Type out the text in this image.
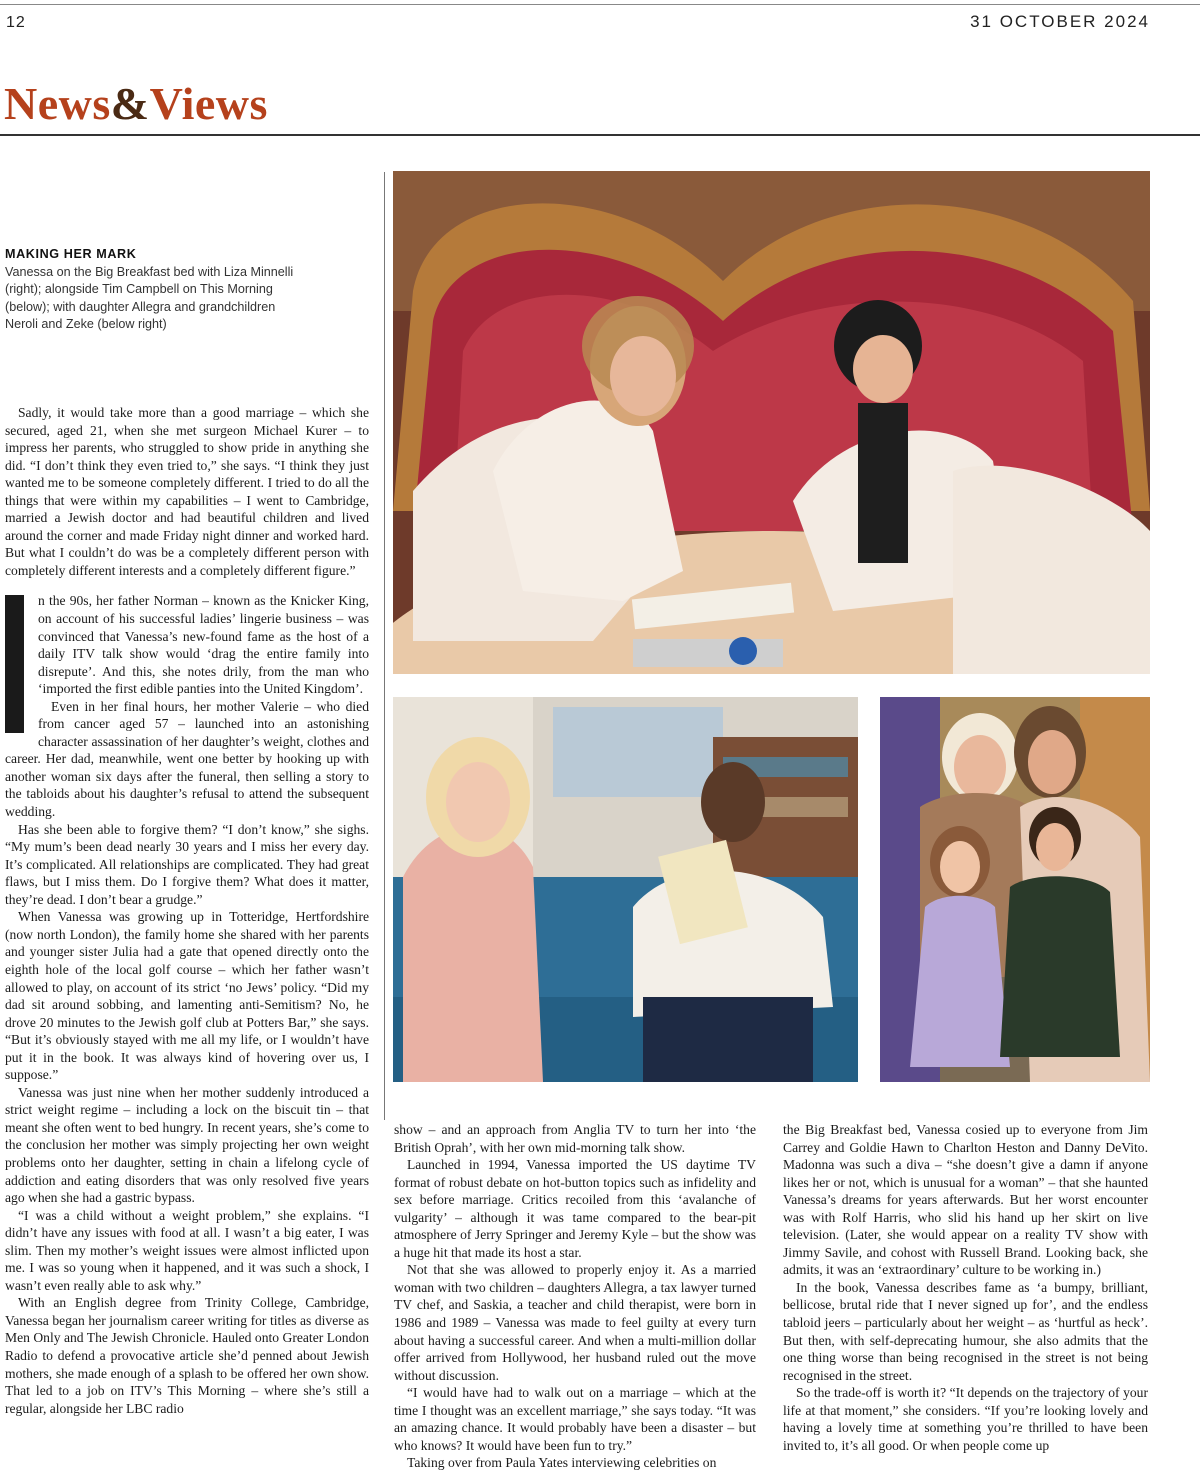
12	31 OCTOBER 2024
News&Views
MAKING HER MARK
Vanessa on the Big Breakfast bed with Liza Minnelli (right); alongside Tim Campbell on This Morning (below); with daughter Allegra and grandchildren Neroli and Zeke (below right)

Sadly, it would take more than a good marriage – which she secured, aged 21, when she met surgeon Michael Kurer – to impress her parents, who struggled to show pride in anything she did. “I don’t think they even tried to,” she says. “I think they just wanted me to be someone completely different. I tried to do all the things that were within my capabilities – I went to Cambridge, married a Jewish doctor and had beautiful children and lived around the corner and made Friday night dinner and worked hard. But what I couldn’t do was be a completely different person with completely different interests and a completely different figure.”

n the 90s, her father Norman – known as the Knicker King, on account of his successful ladies’ lingerie business – was convinced that Vanessa’s new-found fame as the host of a daily ITV talk show would ‘drag the entire family into disrepute’. And this, she notes drily, from the man who ‘imported the first edible panties into the United Kingdom’.

Even in her final hours, her mother Valerie – who died from cancer aged 57 – launched into an astonishing character assassination of her daughter’s weight, clothes and career. Her dad, meanwhile, went one better by hooking up with another woman six days after the funeral, then selling a story to the tabloids about his daughter’s refusal to attend the subsequent wedding.

Has she been able to forgive them? “I don’t know,” she sighs. “My mum’s been dead nearly 30 years and I miss her every day. It’s complicated. All relationships are complicated. They had great flaws, but I miss them. Do I forgive them? What does it matter, they’re dead. I don’t bear a grudge.”

When Vanessa was growing up in Totteridge, Hertfordshire (now north London), the family home she shared with her parents and younger sister Julia had a gate that opened directly onto the eighth hole of the local golf course – which her father wasn’t allowed to play, on account of its strict ‘no Jews’ policy. “Did my dad sit around sobbing, and lamenting anti-Semitism? No, he drove 20 minutes to the Jewish golf club at Potters Bar,” she says. “But it’s obviously stayed with me all my life, or I wouldn’t have put it in the book. It was always kind of hovering over us, I suppose.”

Vanessa was just nine when her mother suddenly introduced a strict weight regime – including a lock on the biscuit tin – that meant she often went to bed hungry. In recent years, she’s come to the conclusion her mother was simply projecting her own weight problems onto her daughter, setting in chain a lifelong cycle of addiction and eating disorders that was only resolved five years ago when she had a gastric bypass.

“I was a child without a weight problem,” she explains. “I didn’t have any issues with food at all. I wasn’t a big eater, I was slim. Then my mother’s weight issues were almost inflicted upon me. I was so young when it happened, and it was such a shock, I wasn’t even really able to ask why.”

With an English degree from Trinity College, Cambridge, Vanessa began her journalism career writing for titles as diverse as Men Only and The Jewish Chronicle. Hauled onto Greater London Radio to defend a provocative article she’d penned about Jewish mothers, she made enough of a splash to be offered her own show. That led to a job on ITV’s This Morning – where she’s still a regular, alongside her LBC radio

show – and an approach from Anglia TV to turn her into ‘the British Oprah’, with her own mid-morning talk show.

Launched in 1994, Vanessa imported the US daytime TV format of robust debate on hot-button topics such as infidelity and sex before marriage. Critics recoiled from this ‘avalanche of vulgarity’ – although it was tame compared to the bear-pit atmosphere of Jerry Springer and Jeremy Kyle – but the show was a huge hit that made its host a star.

Not that she was allowed to properly enjoy it. As a married woman with two children – daughters Allegra, a tax lawyer turned TV chef, and Saskia, a teacher and child therapist, were born in 1986 and 1989 – Vanessa was made to feel guilty at every turn about having a successful career. And when a multi-million dollar offer arrived from Hollywood, her husband ruled out the move without discussion.

“I would have had to walk out on a marriage – which at the time I thought was an excellent marriage,” she says today. “It was an amazing chance. It would probably have been a disaster – but who knows? It would have been fun to try.”

Taking over from Paula Yates interviewing celebrities on

the Big Breakfast bed, Vanessa cosied up to everyone from Jim Carrey and Goldie Hawn to Charlton Heston and Danny DeVito. Madonna was such a diva – “she doesn’t give a damn if anyone likes her or not, which is unusual for a woman” – that she haunted Vanessa’s dreams for years afterwards. But her worst encounter was with Rolf Harris, who slid his hand up her skirt on live television. (Later, she would appear on a reality TV show with Jimmy Savile, and cohost with Russell Brand. Looking back, she admits, it was an ‘extraordinary’ culture to be working in.)

In the book, Vanessa describes fame as ‘a bumpy, brilliant, bellicose, brutal ride that I never signed up for’, and the endless tabloid jeers – particularly about her weight – as ‘hurtful as heck’. But then, with self-deprecating humour, she also admits that the one thing worse than being recognised in the street is not being recognised in the street.

So the trade-off is worth it? “It depends on the trajectory of your life at that moment,” she considers. “If you’re looking lovely and having a lovely time at something you’re thrilled to have been invited to, it’s all good. Or when people come up
